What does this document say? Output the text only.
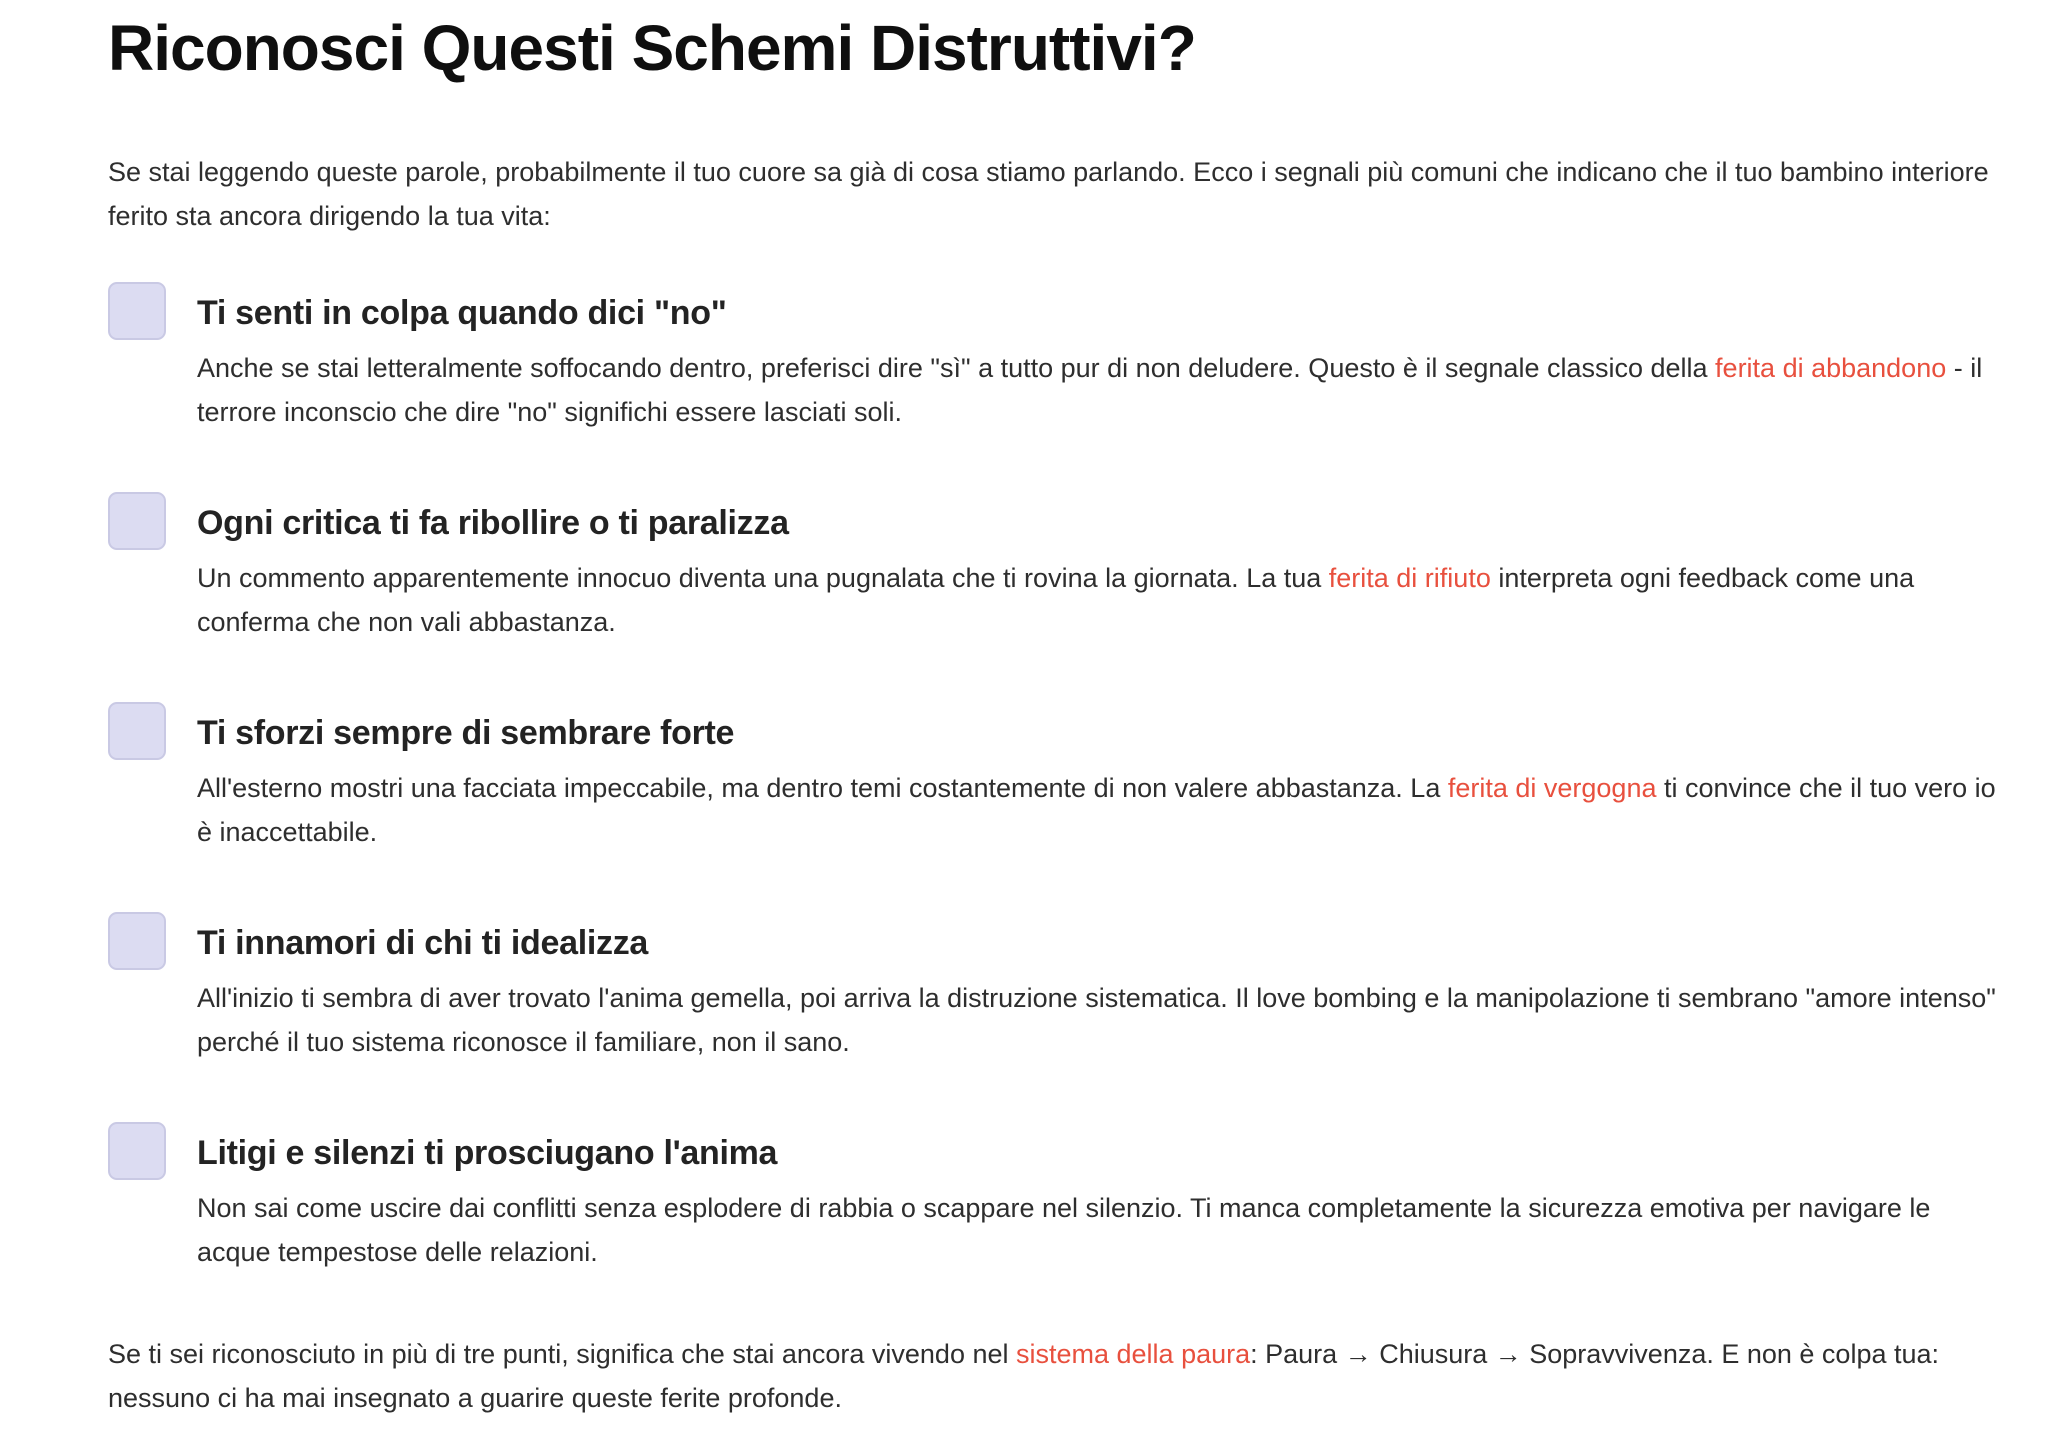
Riconosci Questi Schemi Distruttivi?

Se stai leggendo queste parole, probabilmente il tuo cuore sa già di cosa stiamo parlando. Ecco i segnali più comuni che indicano che il tuo bambino interiore ferito sta ancora dirigendo la tua vita:

Ti senti in colpa quando dici "no"

Anche se stai letteralmente soffocando dentro, preferisci dire "sì" a tutto pur di non deludere. Questo è il segnale classico della ferita di abbandono - il terrore inconscio che dire "no" significhi essere lasciati soli.

Ogni critica ti fa ribollire o ti paralizza

Un commento apparentemente innocuo diventa una pugnalata che ti rovina la giornata. La tua ferita di rifiuto interpreta ogni feedback come una conferma che non vali abbastanza.

Ti sforzi sempre di sembrare forte

All'esterno mostri una facciata impeccabile, ma dentro temi costantemente di non valere abbastanza. La ferita di vergogna ti convince che il tuo vero io è inaccettabile.

Ti innamori di chi ti idealizza

All'inizio ti sembra di aver trovato l'anima gemella, poi arriva la distruzione sistematica. Il love bombing e la manipolazione ti sembrano "amore intenso" perché il tuo sistema riconosce il familiare, non il sano.

Litigi e silenzi ti prosciugano l'anima

Non sai come uscire dai conflitti senza esplodere di rabbia o scappare nel silenzio. Ti manca completamente la sicurezza emotiva per navigare le acque tempestose delle relazioni.

Se ti sei riconosciuto in più di tre punti, significa che stai ancora vivendo nel sistema della paura: Paura → Chiusura → Sopravvivenza. E non è colpa tua: nessuno ci ha mai insegnato a guarire queste ferite profonde.
